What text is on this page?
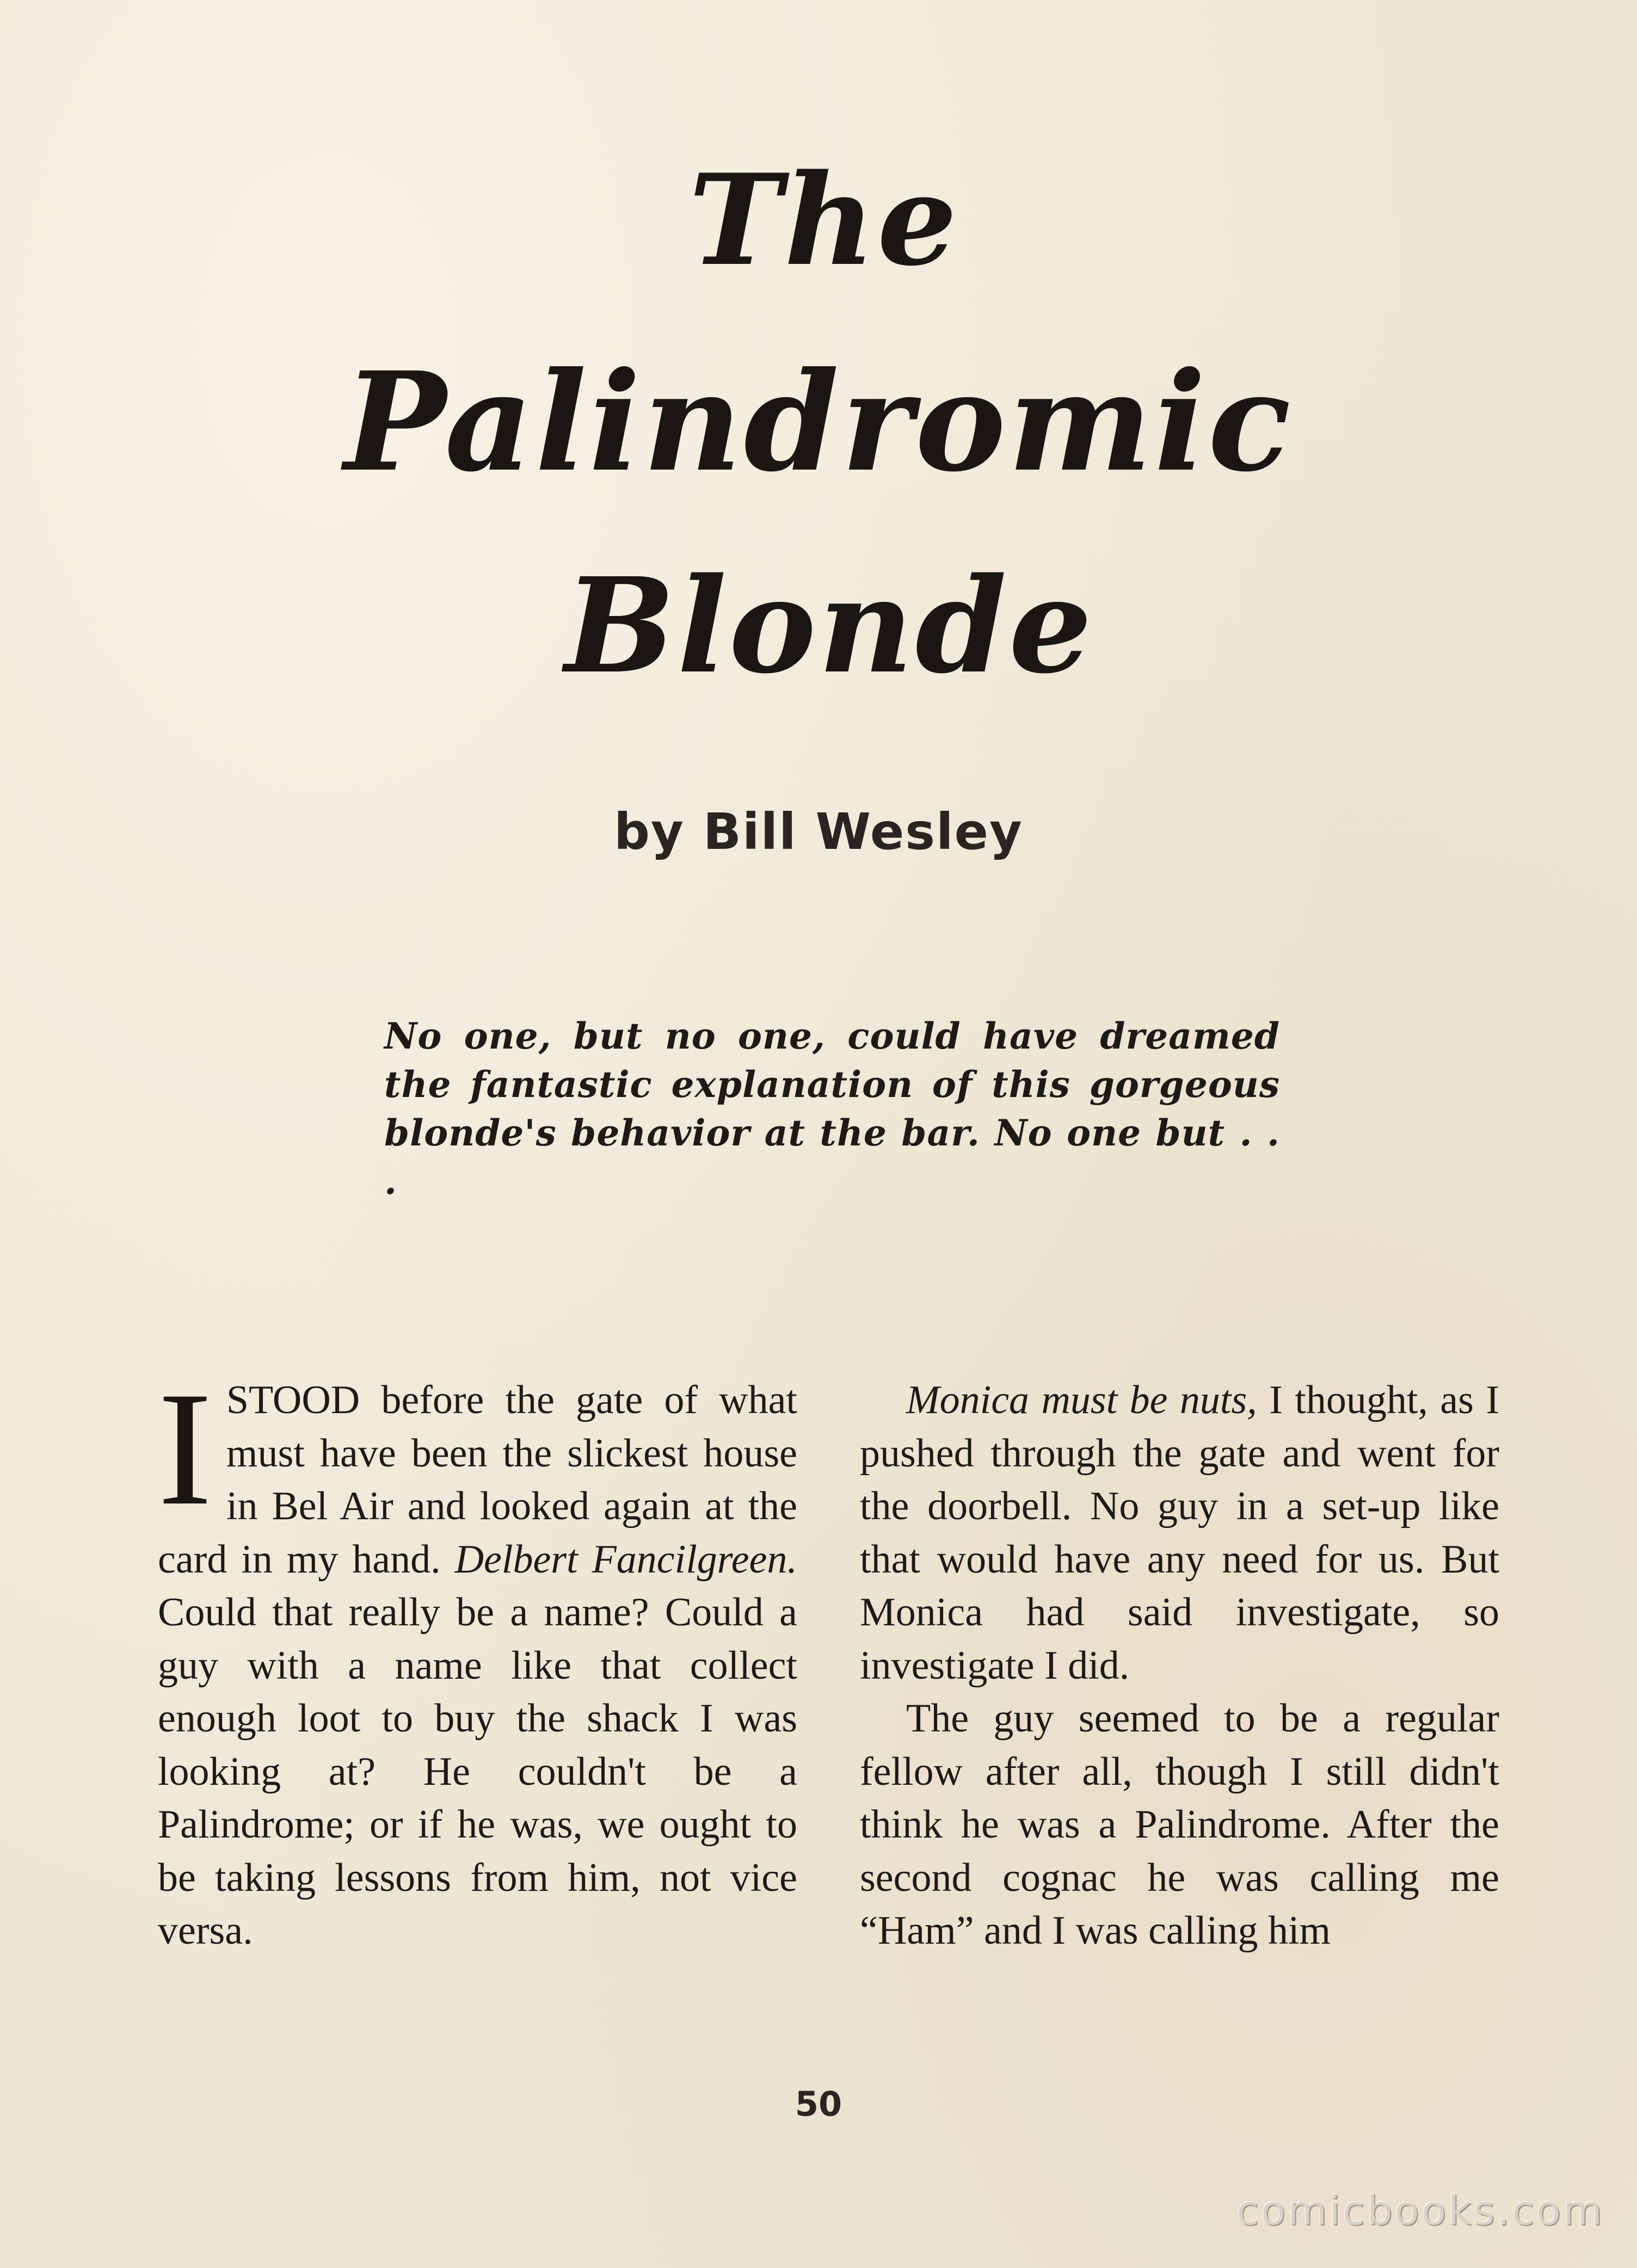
The
Palindromic
Blonde
by Bill Wesley
No one, but no one, could have dreamed the fantastic explanation of this gorgeous blonde's behavior at the bar. No one but . . .

ISTOOD before the gate of what must have been the slickest house in Bel Air and looked again at the card in my hand. Delbert Fancilgreen. Could that really be a name? Could a guy with a name like that collect enough loot to buy the shack I was looking at? He couldn't be a Palindrome; or if he was, we ought to be taking lessons from him, not vice versa.

Monica must be nuts, I thought, as I pushed through the gate and went for the doorbell. No guy in a set-up like that would have any need for us. But Monica had said investigate, so investigate I did.

The guy seemed to be a regular fellow after all, though I still didn't think he was a Palindrome. After the second cognac he was calling me “Ham” and I was calling him

50
comicbooks.com
